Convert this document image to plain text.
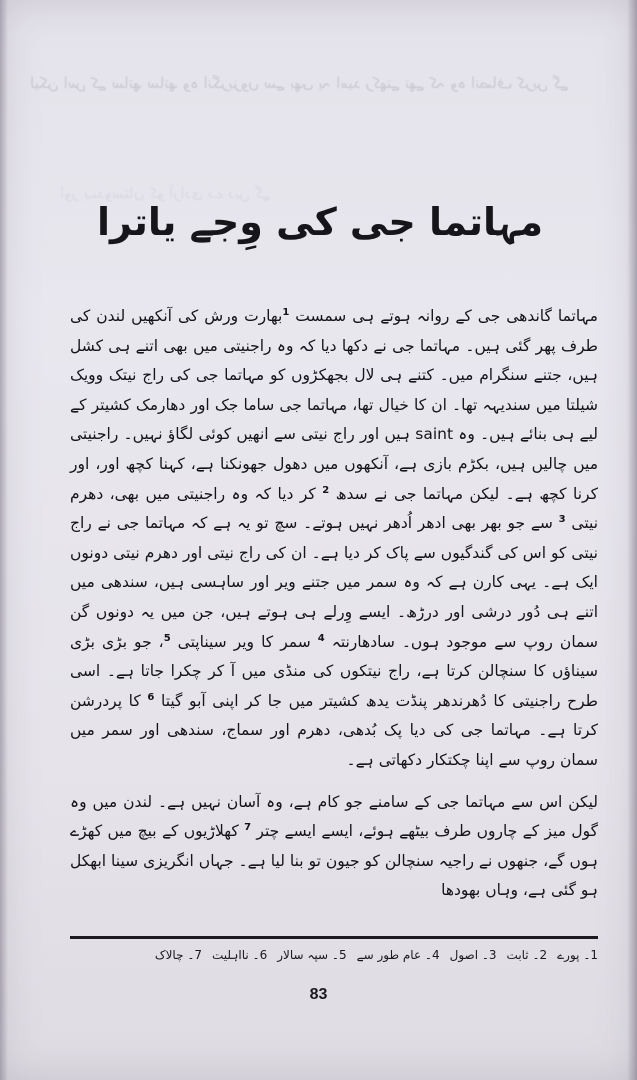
لیکن اس کے ساتھ ساتھ وہ انگریزوں سے بھی یہ امید رکھتے تھے کہ وہ انصاف کریں گے
اور ہندوستان کو آزادی دے دیں گے
مہاتما جی کی وِجے یاترا

مہاتما گاندھی جی کے روانہ ہوتے ہی سمست $^1$بھارت ورش کی آنکھیں لندن کی طرف پھر گئی ہیں۔ مہاتما جی نے دکھا دیا کہ وہ راجنیتی میں بھی اتنے ہی کشل ہیں، جتنے سنگرام میں۔ کتنے ہی لال بجھکڑوں کو مہاتما جی کی راج نیتک وویک شیلتا میں سندیہہ تھا۔ ان کا خیال تھا، مہاتما جی ساما جک اور دھارمک کشیتر کے لیے ہی بنائے ہیں۔ وہ saint ہیں اور راج نیتی سے انھیں کوئی لگاؤ نہیں۔ راجنیتی میں چالیں ہیں، بکڑم بازی ہے، آنکھوں میں دھول جھونکنا ہے، کہنا کچھ اور، اور کرنا کچھ ہے۔ لیکن مہاتما جی نے سدھ $^2$ کر دیا کہ وہ راجنیتی میں بھی، دھرم نیتی $^3$ سے جو بھر بھی ادھر اُدھر نہیں ہوتے۔ سچ تو یہ ہے کہ مہاتما جی نے راج نیتی کو اس کی گندگیوں سے پاک کر دیا ہے۔ ان کی راج نیتی اور دھرم نیتی دونوں ایک ہے۔ یہی کارن ہے کہ وہ سمر میں جتنے ویر اور ساہسی ہیں، سندھی میں اتنے ہی دُور درشی اور درڑھ۔ ایسے وِرلے ہی ہوتے ہیں، جن میں یہ دونوں گن سمان روپ سے موجود ہوں۔ سادھارنتہ $^4$ سمر کا ویر سیناپتی $^5$، جو بڑی بڑی سیناؤں کا سنچالن کرتا ہے، راج نیتکوں کی منڈی میں آ کر چکرا جاتا ہے۔ اسی طرح راجنیتی کا دُھرندھر پنڈت یدھ کشیتر میں جا کر اپنی آبو گیتا $^6$ کا پردرشن کرتا ہے۔ مہاتما جی کی دیا پک بُدھی، دھرم اور سماج، سندھی اور سمر میں سمان روپ سے اپنا چکتکار دکھاتی ہے۔

لیکن اس سے مہاتما جی کے سامنے جو کام ہے، وہ آسان نہیں ہے۔ لندن میں وہ گول میز کے چاروں طرف بیٹھے ہوئے، ایسے ایسے چتر $^7$ کھلاڑیوں کے بیچ میں کھڑے ہوں گے، جنھوں نے راجیہ سنچالن کو جیون تو بنا لیا ہے۔ جہاں انگریزی سینا ابھکل ہو گئی ہے، وہاں بھودھا

1۔ پورے2۔ ثابت3۔ اصول4۔ عام طور سے5۔ سپہ سالار6۔ نااہلیت7۔ چالاک
83
